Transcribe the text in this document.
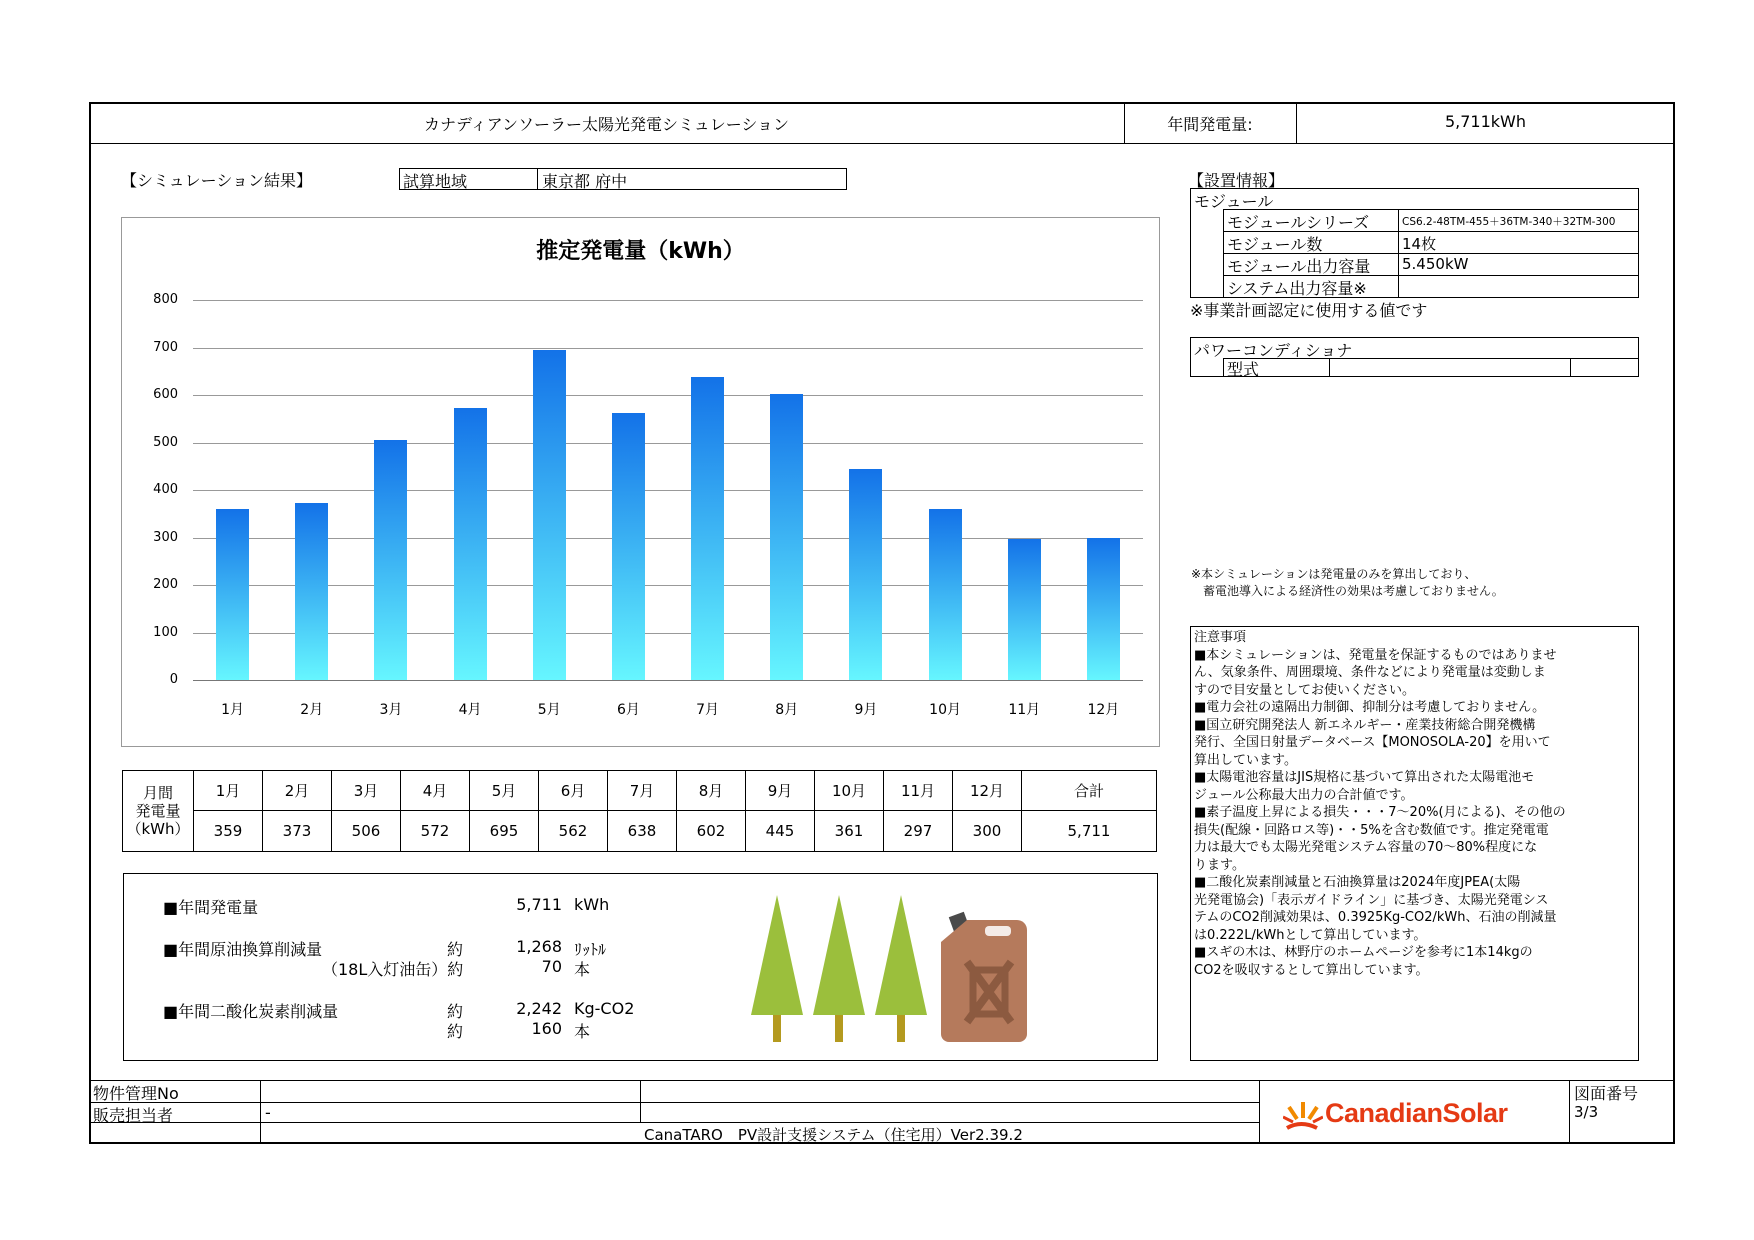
カナディアンソーラー太陽光発電シミュレーション	年間発電量:	5,711kWh
【シミュレーション結果】	試算地域	東京都 府中
推定発電量（kWh）
0
100
200
300
400
500
600
700
800
1月	2月	3月	4月	5月	6月	7月	8月	9月	10月	11月	12月
月間
発電量
（kWh）	1月	2月	3月	4月	5月	6月	7月	8月	9月	10月	11月	12月	合計
	359	373	506	572	695	562	638	602	445	361	297	300	5,711
■年間発電量	5,711 kWh
■年間原油換算削減量	約	1,268 ﾘｯﾄﾙ
（18L入灯油缶）約	70 本
■年間二酸化炭素削減量	約	2,242 Kg-CO2
約	160 本
【設置情報】
モジュール
モジュールシリーズ	CS6.2-48TM-455＋36TM-340＋32TM-300
モジュール数	14枚
モジュール出力容量 5.450kW
システム出力容量※
※事業計画認定に使用する値です
パワーコンディショナ
型式
※本シミュレーションは発電量のみを算出しており、
蓄電池導入による経済性の効果は考慮しておりません。
注意事項
■本シミュレーションは、発電量を保証するものではありませ
ん、気象条件、周囲環境、条件などにより発電量は変動しま
すので目安量としてお使いください。
■電力会社の遠隔出力制御、抑制分は考慮しておりません。
■国立研究開発法人 新エネルギー・産業技術総合開発機構
発行、全国日射量データベース【MONOSOLA-20】を用いて
算出しています。
■太陽電池容量はJIS規格に基づいて算出された太陽電池モ
ジュール公称最大出力の合計値です。
■素子温度上昇による損失・・・7～20%(月による)、その他の
損失(配線・回路ロス等)・・5%を含む数値です。推定発電電
力は最大でも太陽光発電システム容量の70～80%程度にな
ります。
■二酸化炭素削減量と石油換算量は2024年度JPEA(太陽
光発電協会)「表示ガイドライン」に基づき、太陽光発電シス
テムのCO2削減効果は、0.3925Kg-CO2/kWh、石油の削減量
は0.222L/kWhとして算出しています。
■スギの木は、林野庁のホームページを参考に1本14kgの
CO2を吸収するとして算出しています。
物件管理No
販売担当者	-
CanaTARO　PV設計支援システム（住宅用）Ver2.39.2
CanadianSolar
図面番号
3/3
